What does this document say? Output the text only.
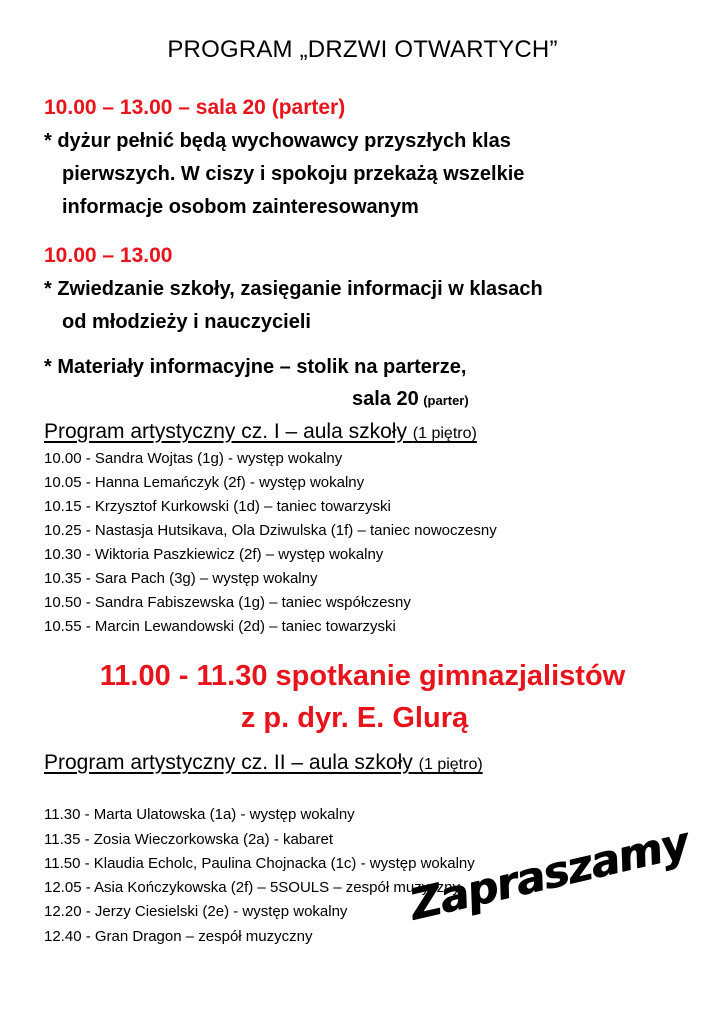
PROGRAM „DRZWI OTWARTYCH”
10.00 – 13.00 – sala 20 (parter)
* dyżur pełnić będą wychowawcy przyszłych klas
pierwszych. W ciszy i spokoju przekażą wszelkie
informacje osobom zainteresowanym
10.00 – 13.00
* Zwiedzanie szkoły, zasięganie informacji w klasach
od młodzieży i nauczycieli
* Materiały informacyjne – stolik na parterze,
sala 20 (parter)
Program artystyczny cz. I – aula szkoły (1 piętro)
10.00 - Sandra Wojtas (1g) - występ wokalny
10.05 - Hanna Lemańczyk (2f) - występ wokalny
10.15 - Krzysztof Kurkowski (1d) – taniec towarzyski
10.25 - Nastasja Hutsikava, Ola Dziwulska (1f) – taniec nowoczesny
10.30 - Wiktoria Paszkiewicz (2f) – występ wokalny
10.35 - Sara Pach (3g) – występ wokalny
10.50 - Sandra Fabiszewska (1g) – taniec współczesny
10.55 - Marcin Lewandowski (2d) – taniec towarzyski
11.00 - 11.30 spotkanie gimnazjalistów
z p. dyr. E. Glurą
Program artystyczny cz. II – aula szkoły (1 piętro)
11.30 - Marta Ulatowska (1a) - występ wokalny
11.35 - Zosia Wieczorkowska (2a) - kabaret
11.50 - Klaudia Echolc, Paulina Chojnacka (1c) - występ wokalny
12.05 - Asia Kończykowska (2f) – 5SOULS – zespół muzyczny
12.20 - Jerzy Ciesielski (2e) - występ wokalny
12.40 - Gran Dragon – zespół muzyczny
Zapraszamy
